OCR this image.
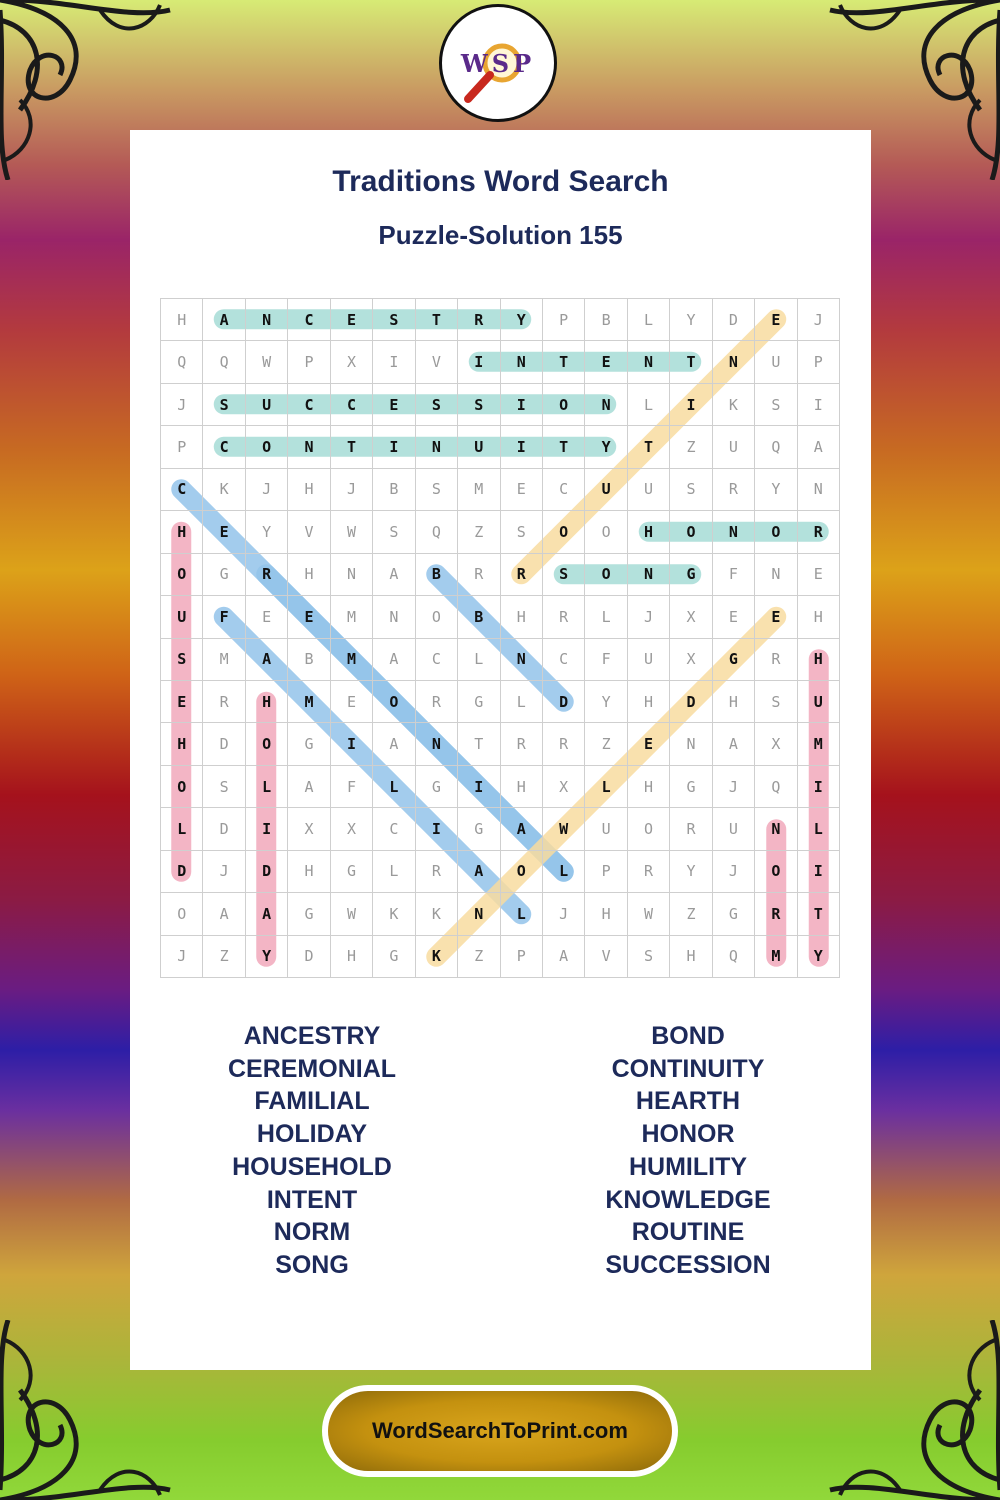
WSP
Traditions Word Search
Puzzle-Solution 155
H	A	N	C	E	S	T	R	Y	P	B	L	Y	D	E	J
Q	Q	W	P	X	I	V	I	N	T	E	N	T	N	U	P
J	S	U	C	C	E	S	S	I	O	N	L	I	K	S	I
P	C	O	N	T	I	N	U	I	T	Y	T	Z	U	Q	A
C	K	J	H	J	B	S	M	E	C	U	U	S	R	Y	N
H	E	Y	V	W	S	Q	Z	S	O	O	H	O	N	O	R
O	G	R	H	N	A	B	R	R	S	O	N	G	F	N	E
U	F	E	E	M	N	O	B	H	R	L	J	X	E	E	H
S	M	A	B	M	A	C	L	N	C	F	U	X	G	R	H
E	R	H	M	E	O	R	G	L	D	Y	H	D	H	S	U
H	D	O	G	I	A	N	T	R	R	Z	E	N	A	X	M
O	S	L	A	F	L	G	I	H	X	L	H	G	J	Q	I
L	D	I	X	X	C	I	G	A	W	U	O	R	U	N	L
D	J	D	H	G	L	R	A	O	L	P	R	Y	J	O	I
O	A	A	G	W	K	K	N	L	J	H	W	Z	G	R	T
J	Z	Y	D	H	G	K	Z	P	A	V	S	H	Q	M	Y
ANCESTRY
CEREMONIAL
FAMILIAL
HOLIDAY
HOUSEHOLD
INTENT
NORM
SONG
BOND
CONTINUITY
HEARTH
HONOR
HUMILITY
KNOWLEDGE
ROUTINE
SUCCESSION
WordSearchToPrint.com
